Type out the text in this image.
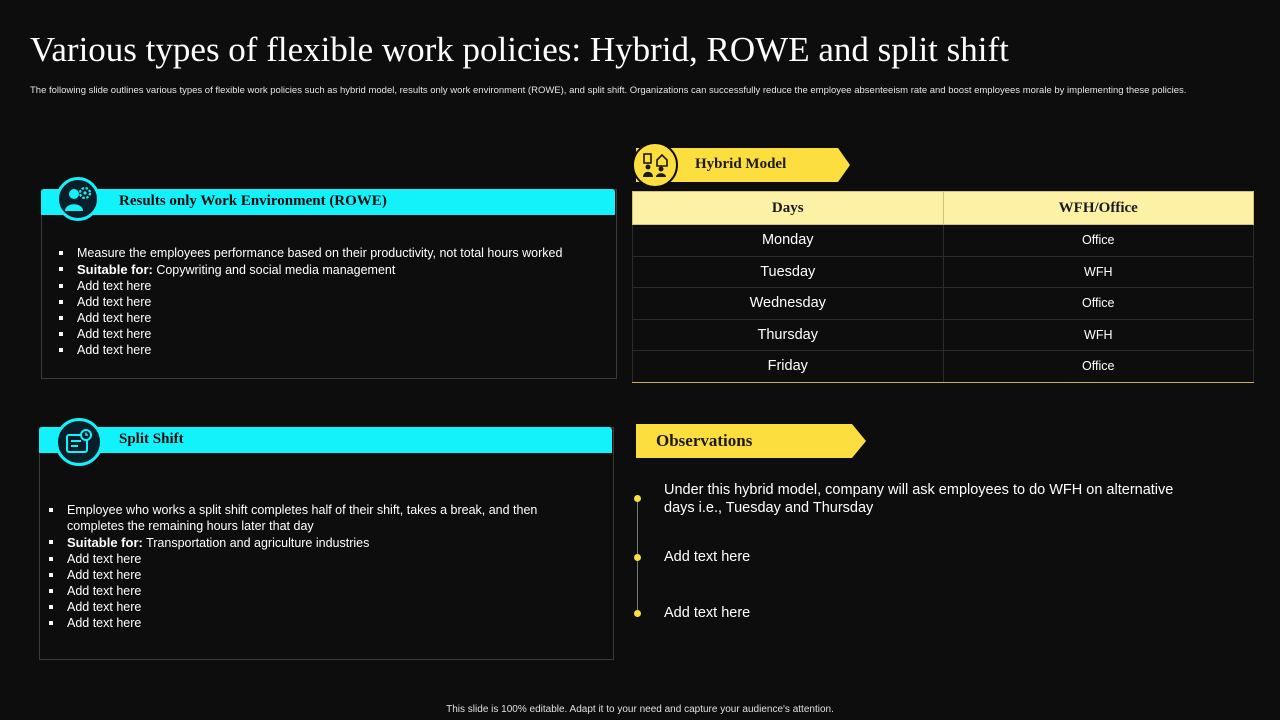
Various types of flexible work policies: Hybrid, ROWE and split shift
The following slide outlines various types of flexible work policies such as hybrid model, results only work environment (ROWE), and split shift. Organizations can successfully reduce the employee absenteeism rate and boost employees morale by implementing these policies.
Results only Work Environment (ROWE)
Measure the employees performance based on their productivity, not total hours worked
Suitable for: Copywriting and social media management
Add text here
Add text here
Add text here
Add text here
Add text here
Split Shift
Employee who works a split shift completes half of their shift, takes a break, and then completes the remaining hours later that day
Suitable for: Transportation and agriculture industries
Add text here
Add text here
Add text here
Add text here
Add text here
Hybrid Model
Days	WFH/Office
Monday	Office
Tuesday	WFH
Wednesday	Office
Thursday	WFH
Friday	Office
Observations
Under this hybrid model, company will ask employees to do WFH on alternative days i.e., Tuesday and Thursday
Add text here
Add text here
This slide is 100% editable. Adapt it to your need and capture your audience's attention.
